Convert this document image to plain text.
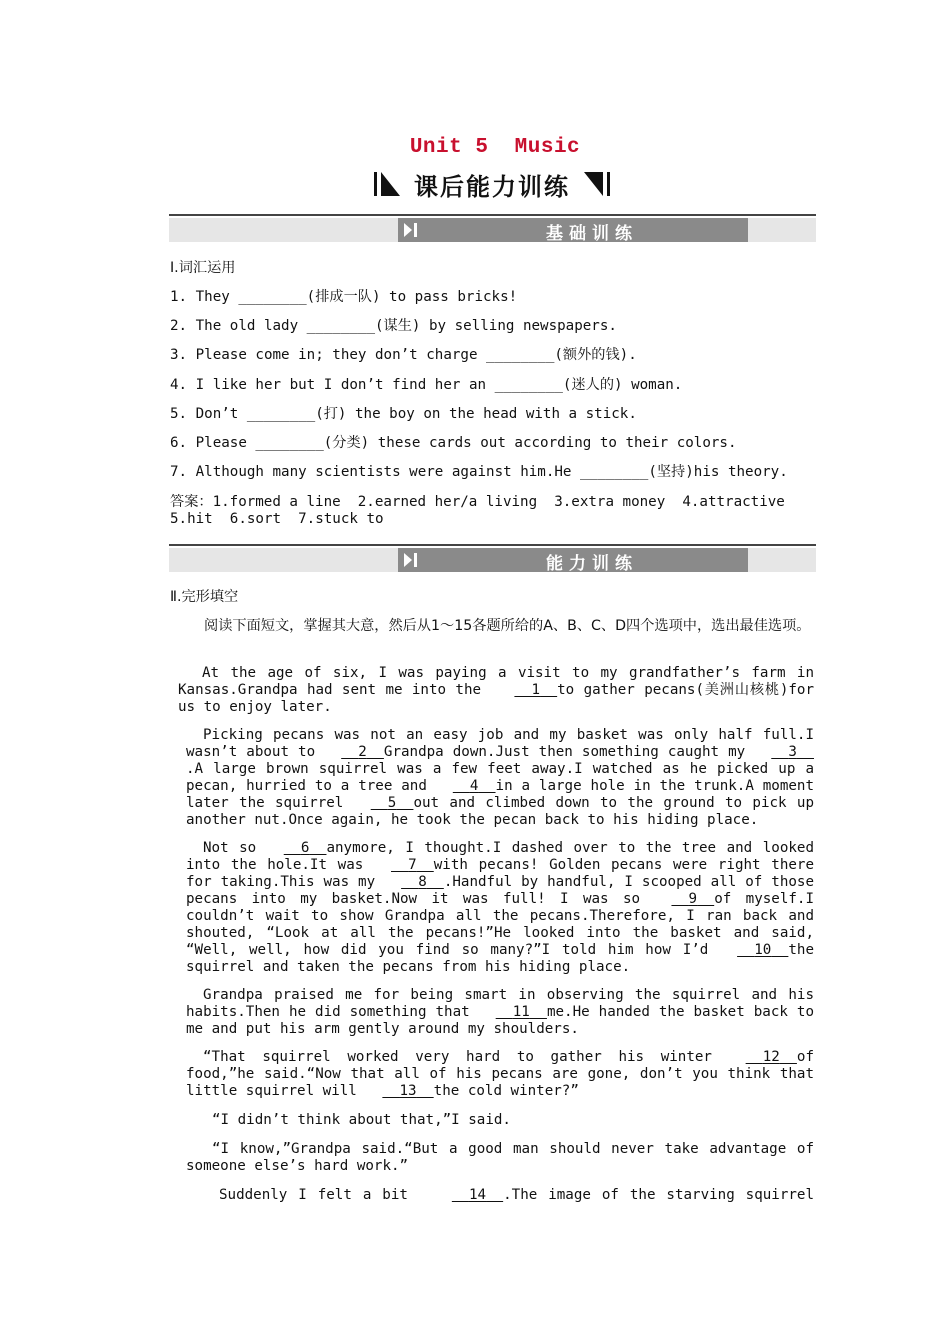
Unit 5  Music
课后能力训练
基础训练
Ⅰ.词汇运用
1. They ________(排成一队) to pass bricks!
2. The old lady ________(谋生) by selling newspapers.
3. Please come in; they don’t charge ________(额外的钱).
4. I like her but I don’t find her an ________(迷人的) woman.
5. Don’t ________(打) the boy on the head with a stick.
6. Please ________(分类) these cards out according to their colors.
7. Although many scientists were against him.He ________(坚持)his theory.
答案：1.formed a line  2.earned her/a living  3.extra money  4.attractive
5.hit  6.sort  7.stuck to
能力训练
Ⅱ.完形填空
阅读下面短文，掌握其大意，然后从1～15各题所给的A、B、C、D四个选项中，选出最佳选项。
At the age of six, I was paying a visit to my grandfather’s farm in Kansas.Grandpa had sent me into the	1 to gather pecans(美洲山核桃)for us to enjoy later.
Picking pecans was not an easy job and my basket was only half full.I wasn’t about to   2 Grandpa down.Just then something caught my   3  .A large brown squirrel was a few feet away.I watched as he picked up a pecan, hurried to a tree and   4 in a large hole in the trunk.A moment later the squirrel   5 out and climbed down to the ground to pick up another nut.Once again, he took the pecan back to his hiding place.
Not so   6 anymore, I thought.I dashed over to the tree and looked into the hole.It was   7 with pecans! Golden pecans were right there for taking.This was my   8 .Handful by handful, I scooped all of those pecans into my basket.Now it was full! I was so   9 of myself.I couldn’t wait to show Grandpa all the pecans.Therefore, I ran back and shouted, “Look at all the pecans!”He looked into the basket and said, “Well, well, how did you find so many?”I told him how I’d   10 the squirrel and taken the pecans from his hiding place.
Grandpa praised me for being smart in observing the squirrel and his habits.Then he did something that   11 me.He handed the basket back to me and put his arm gently around my shoulders.
“That squirrel worked very hard to gather his winter   12 of food,”he said.“Now that all of his pecans are gone, don’t you think that little squirrel will   13 the cold winter?”
“I didn’t think about that,”I said.
“I know,”Grandpa said.“But a good man should never take advantage of someone else’s hard work.”
Suddenly I felt a bit	14 .The image of the starving squirrel
